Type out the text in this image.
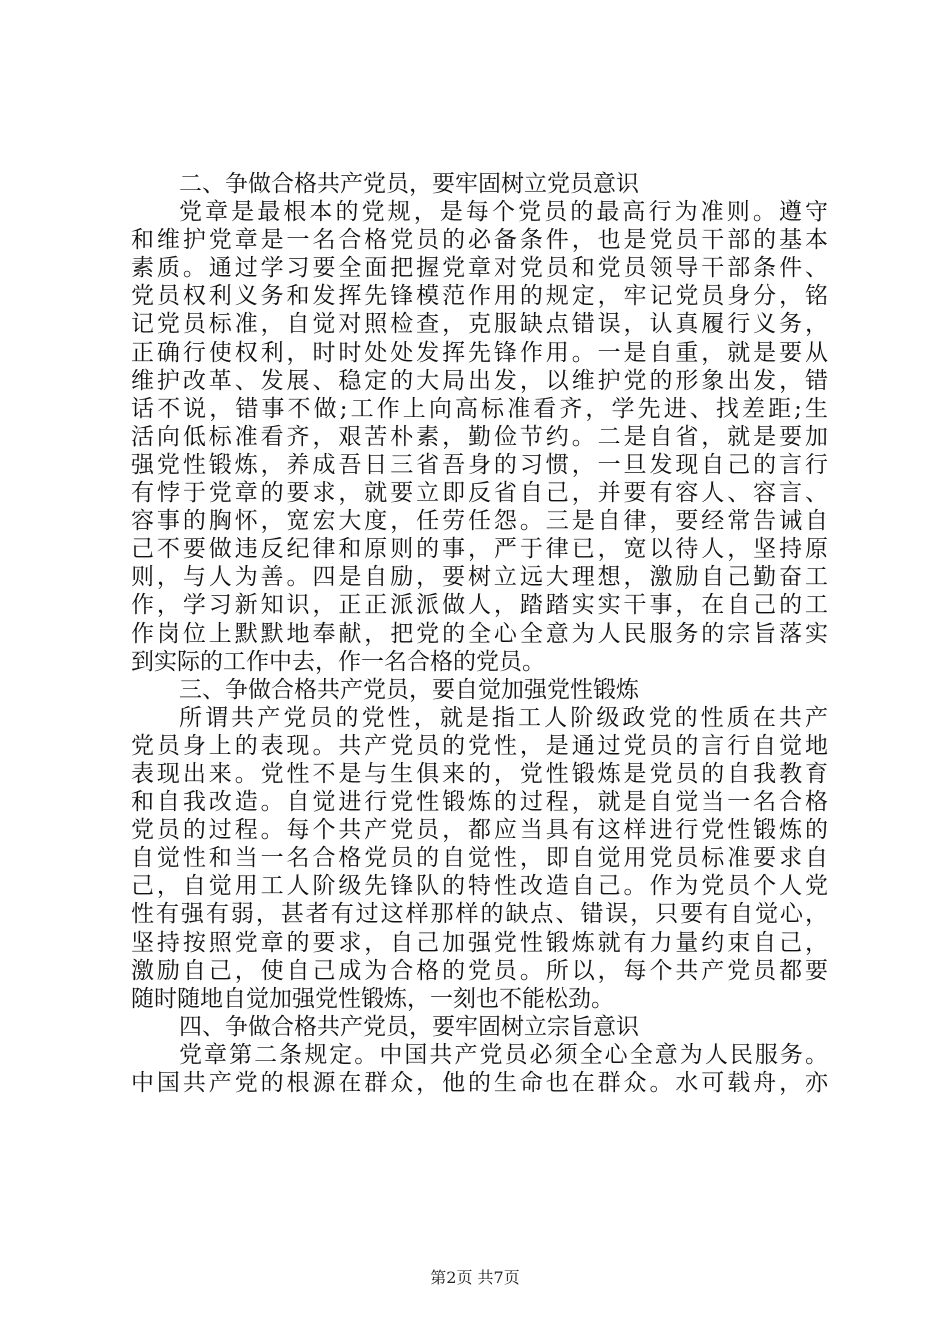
二、争做合格共产党员，要牢固树立党员意识
党章是最根本的党规，是每个党员的最高行为准则。遵守
和维护党章是一名合格党员的必备条件，也是党员干部的基本
素质。通过学习要全面把握党章对党员和党员领导干部条件、
党员权利义务和发挥先锋模范作用的规定，牢记党员身分，铭
记党员标准，自觉对照检查，克服缺点错误，认真履行义务，
正确行使权利，时时处处发挥先锋作用。一是自重，就是要从
维护改革、发展、稳定的大局出发，以维护党的形象出发，错
话不说，错事不做;工作上向高标准看齐，学先进、找差距;生
活向低标准看齐，艰苦朴素，勤俭节约。二是自省，就是要加
强党性锻炼，养成吾日三省吾身的习惯，一旦发现自己的言行
有悖于党章的要求，就要立即反省自己，并要有容人、容言、
容事的胸怀，宽宏大度，任劳任怨。三是自律，要经常告诫自
己不要做违反纪律和原则的事，严于律已，宽以待人，坚持原
则，与人为善。四是自励，要树立远大理想，激励自己勤奋工
作，学习新知识，正正派派做人，踏踏实实干事，在自己的工
作岗位上默默地奉献，把党的全心全意为人民服务的宗旨落实
到实际的工作中去，作一名合格的党员。
三、争做合格共产党员，要自觉加强党性锻炼
所谓共产党员的党性，就是指工人阶级政党的性质在共产
党员身上的表现。共产党员的党性，是通过党员的言行自觉地
表现出来。党性不是与生俱来的，党性锻炼是党员的自我教育
和自我改造。自觉进行党性锻炼的过程，就是自觉当一名合格
党员的过程。每个共产党员，都应当具有这样进行党性锻炼的
自觉性和当一名合格党员的自觉性，即自觉用党员标准要求自
己，自觉用工人阶级先锋队的特性改造自己。作为党员个人党
性有强有弱，甚者有过这样那样的缺点、错误，只要有自觉心，
坚持按照党章的要求，自己加强党性锻炼就有力量约束自己，
激励自己，使自己成为合格的党员。所以，每个共产党员都要
随时随地自觉加强党性锻炼，一刻也不能松劲。
四、争做合格共产党员，要牢固树立宗旨意识
党章第二条规定。中国共产党员必须全心全意为人民服务。
中国共产党的根源在群众，他的生命也在群众。水可载舟，亦
第2页 共7页
